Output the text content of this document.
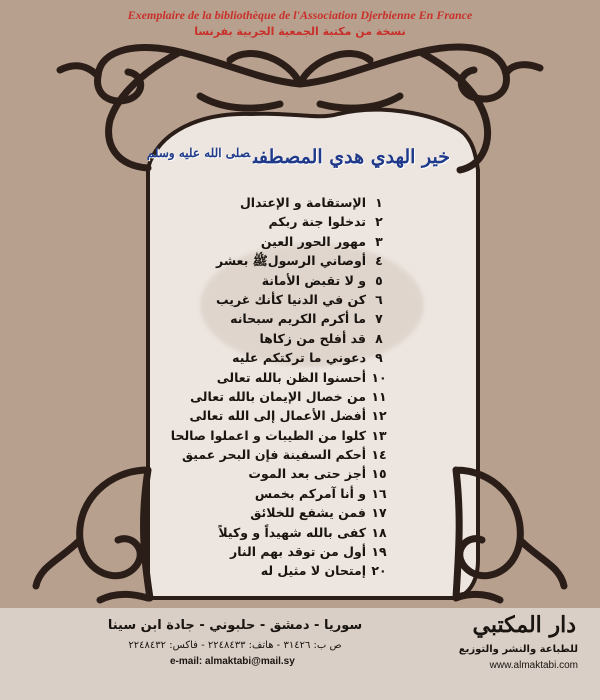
Exemplaire de la bibliothèque de l'Association Djerbienne En France
نسخة من مكتبة الجمعية الجربية بفرنسا
خير الهدي هدي المصطفى$^{صلى الله عليه وسلم}$
١الإستقامة و الإعتدال
٢تدخلوا جنة ربكم
٣مهور الحور العين
٤أوصاني الرسولﷺ بعشر
٥و لا تقبض الأمانة
٦كن في الدنيا كأنك غريب
٧ما أكرم الكريم سبحانه
٨قد أفلح من زكاها
٩دعوني ما تركتكم عليه
١٠أحسنوا الظن بالله تعالى
١١من خصال الإيمان بالله تعالى
١٢أفضل الأعمال إلى الله تعالى
١٣كلوا من الطيبات و اعملوا صالحا
١٤أحكم السفينة فإن البحر عميق
١٥أجز حتى بعد الموت
١٦و أنا آمركم بخمس
١٧فمن يشفع للخلائق
١٨كفى بالله شهيداً و وكيلاً
١٩أول من توقد بهم النار
٢٠إمتحان لا مثيل له
دار المكتبي
للطباعة والنشر والتوزيع
www.almaktabi.com
سوريا - دمشق - حلبوني - جادة ابن سينا
ص ب: ٣١٤٢٦ - هاتف: ٢٢٤٨٤٣٣ - فاكس: ٢٢٤٨٤٣٢
e-mail: almaktabi@mail.sy
